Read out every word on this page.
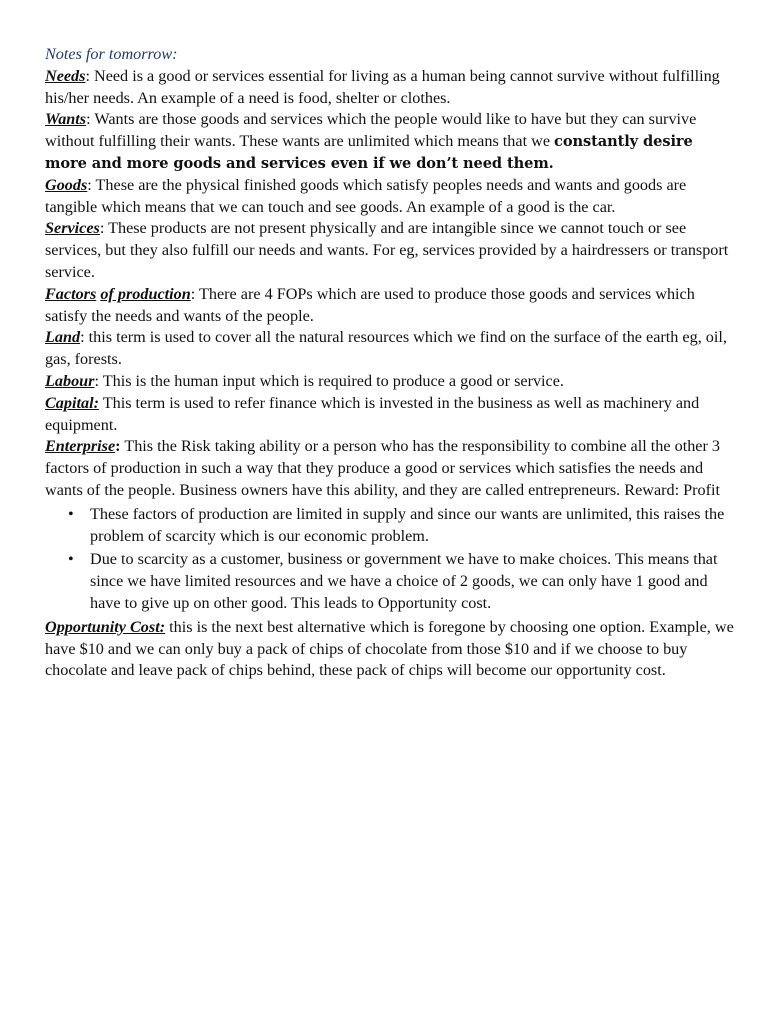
Notes for tomorrow:

Needs: Need is a good or services essential for living as a human being cannot survive without fulfilling his/her needs. An example of a need is food, shelter or clothes.

Wants: Wants are those goods and services which the people would like to have but they can survive without fulfilling their wants. These wants are unlimited which means that we constantly desire more and more goods and services even if we don’t need them.

Goods: These are the physical finished goods which satisfy peoples needs and wants and goods are tangible which means that we can touch and see goods. An example of a good is the car.

Services: These products are not present physically and are intangible since we cannot touch or see services, but they also fulfill our needs and wants. For eg, services provided by a hairdressers or transport service.

Factors of production: There are 4 FOPs which are used to produce those goods and services which satisfy the needs and wants of the people.

Land: this term is used to cover all the natural resources which we find on the surface of the earth eg, oil, gas, forests.

Labour: This is the human input which is required to produce a good or service.

Capital: This term is used to refer finance which is invested in the business as well as machinery and equipment.

Enterprise: This the Risk taking ability or a person who has the responsibility to combine all the other 3 factors of production in such a way that they produce a good or services which satisfies the needs and wants of the people. Business owners have this ability, and they are called entrepreneurs. Reward: Profit

• These factors of production are limited in supply and since our wants are unlimited, this raises the problem of scarcity which is our economic problem.
• Due to scarcity as a customer, business or government we have to make choices. This means that since we have limited resources and we have a choice of 2 goods, we can only have 1 good and have to give up on other good. This leads to Opportunity cost.

Opportunity Cost: this is the next best alternative which is foregone by choosing one option. Example, we have $10 and we can only buy a pack of chips of chocolate from those $10 and if we choose to buy chocolate and leave pack of chips behind, these pack of chips will become our opportunity cost.
